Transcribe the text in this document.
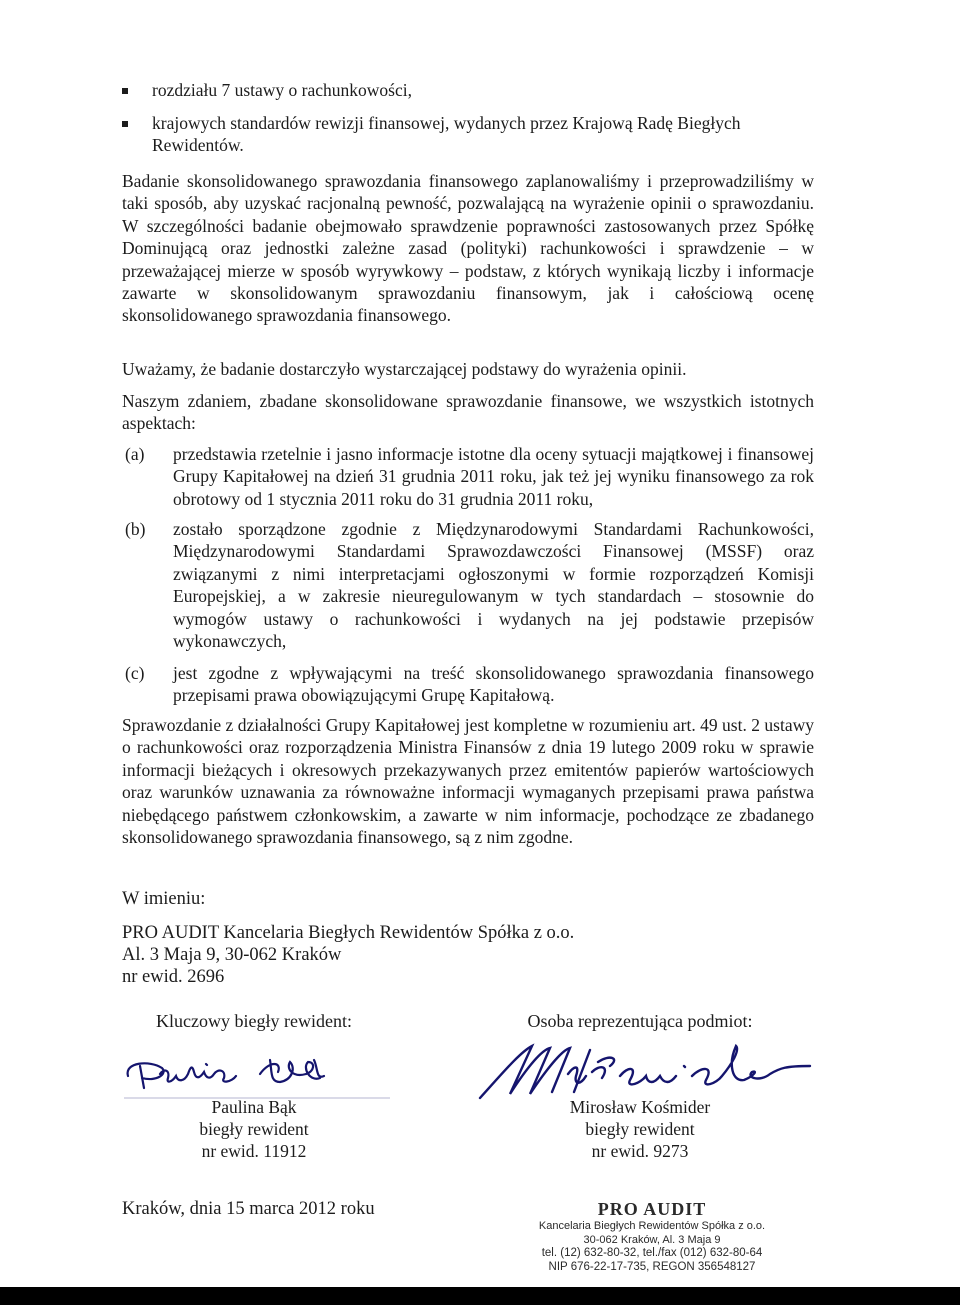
rozdziału 7 ustawy o rachunkowości,
krajowych standardów rewizji finansowej, wydanych przez Krajową Radę Biegłych Rewidentów.

Badanie skonsolidowanego sprawozdania finansowego zaplanowaliśmy i przeprowadziliśmy w taki sposób, aby uzyskać racjonalną pewność, pozwalającą na wyrażenie opinii o sprawozdaniu. W szczególności badanie obejmowało sprawdzenie poprawności zastosowanych przez Spółkę Dominującą oraz jednostki zależne zasad (polityki) rachunkowości i sprawdzenie – w przeważającej mierze w sposób wyrywkowy – podstaw, z których wynikają liczby i informacje zawarte w skonsolidowanym sprawozdaniu finansowym, jak i całościową ocenę skonsolidowanego sprawozdania finansowego.

Uważamy, że badanie dostarczyło wystarczającej podstawy do wyrażenia opinii.

Naszym zdaniem, zbadane skonsolidowane sprawozdanie finansowe, we wszystkich istotnych aspektach:

(a) przedstawia rzetelnie i jasno informacje istotne dla oceny sytuacji majątkowej i finansowej Grupy Kapitałowej na dzień 31 grudnia 2011 roku, jak też jej wyniku finansowego za rok obrotowy od 1 stycznia 2011 roku do 31 grudnia 2011 roku,
(b) zostało sporządzone zgodnie z Międzynarodowymi Standardami Rachunkowości, Międzynarodowymi Standardami Sprawozdawczości Finansowej (MSSF) oraz związanymi z nimi interpretacjami ogłoszonymi w formie rozporządzeń Komisji Europejskiej, a w zakresie nieuregulowanym w tych standardach – stosownie do wymogów ustawy o rachunkowości i wydanych na jej podstawie przepisów wykonawczych,
(c) jest zgodne z wpływającymi na treść skonsolidowanego sprawozdania finansowego przepisami prawa obowiązującymi Grupę Kapitałową.

Sprawozdanie z działalności Grupy Kapitałowej jest kompletne w rozumieniu art. 49 ust. 2 ustawy o rachunkowości oraz rozporządzenia Ministra Finansów z dnia 19 lutego 2009 roku w sprawie informacji bieżących i okresowych przekazywanych przez emitentów papierów wartościowych oraz warunków uznawania za równoważne informacji wymaganych przepisami prawa państwa niebędącego państwem członkowskim, a zawarte w nim informacje, pochodzące ze zbadanego skonsolidowanego sprawozdania finansowego, są z nim zgodne.

W imieniu:
PRO AUDIT Kancelaria Biegłych Rewidentów Spółka z o.o.
Al. 3 Maja 9, 30-062 Kraków
nr ewid. 2696
Kluczowy biegły rewident:
Paulina Bąk
biegły rewident
nr ewid. 11912
Osoba reprezentująca podmiot:
Mirosław Kośmider
biegły rewident
nr ewid. 9273
Kraków, dnia 15 marca 2012 roku	PRO AUDIT
Kancelaria Biegłych Rewidentów Spółka z o.o.
30-062 Kraków, Al. 3 Maja 9
tel. (12) 632-80-32, tel./fax (012) 632-80-64
NIP 676-22-17-735, REGON 356548127
